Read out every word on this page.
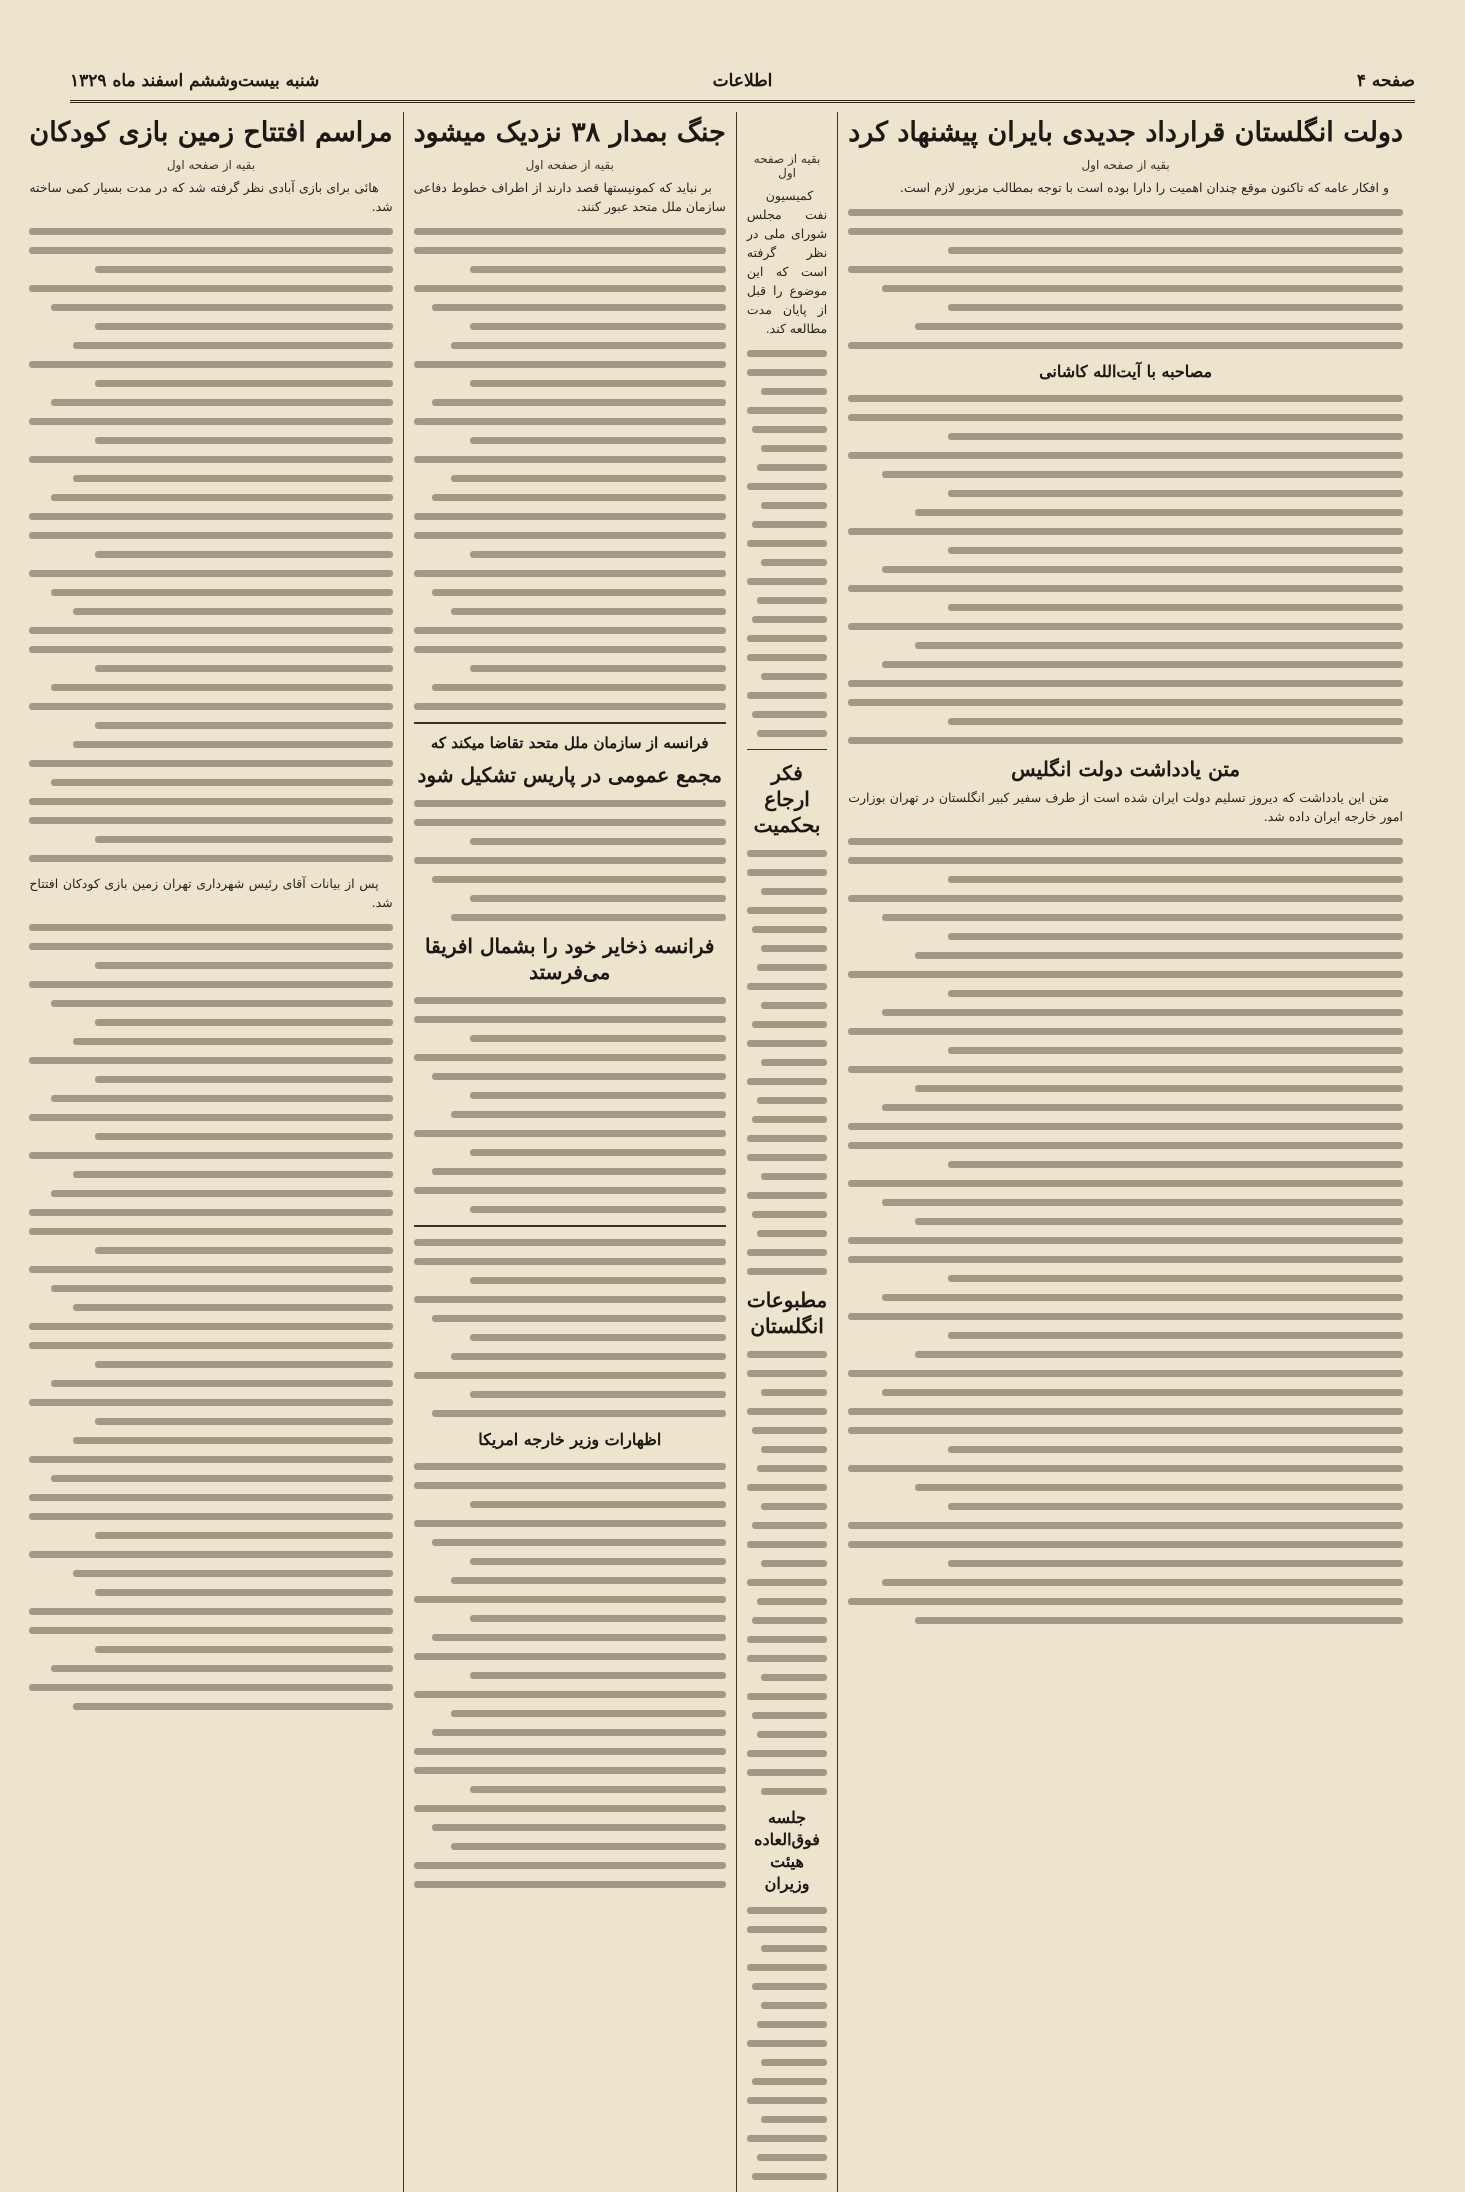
صفحه ۴
اطلاعات
شنبه بیست‌وششم اسفند ماه ۱۳۲۹
دولت انگلستان قرارداد جدیدی بایران پیشنهاد کرد

بقیه از صفحه اول

و افکار عامه که تاکنون موقع چندان اهمیت را دارا بوده است با توجه بمطالب مزبور لازم است.

مصاحبه با آیت‌الله کاشانی
متن یادداشت دولت انگلیس

متن این یادداشت که دیروز تسلیم دولت ایران شده است از طرف سفیر کبیر انگلستان در تهران بوزارت امور خارجه ایران داده شد.

بقیه از صفحه اول

کمیسیون نفت مجلس شورای ملی در نظر گرفته است که این موضوع را قبل از پایان مدت مطالعه کند.

فکر ارجاع بحکمیت
مطبوعات انگلستان
جلسه فوق‌العاده هیئت وزیران
جنگ بمدار ۳۸ نزدیک میشود

بقیه از صفحه اول

بر نباید که کمونیستها قصد دارند از اطراف خطوط دفاعی سازمان ملل متحد عبور کنند.

فرانسه از سازمان ملل متحد تقاضا میکند که

مجمع عمومی در پاریس تشکیل شود
فرانسه ذخایر خود را بشمال افریقا می‌فرستد
اظهارات وزیر خارجه امریکا
مراسم افتتاح زمین بازی کودکان

بقیه از صفحه اول

هائی برای بازی آبادی نظر گرفته شد که در مدت بسیار کمی ساخته شد.

پس از بیانات آقای رئیس شهرداری تهران زمین بازی کودکان افتتاح شد.
